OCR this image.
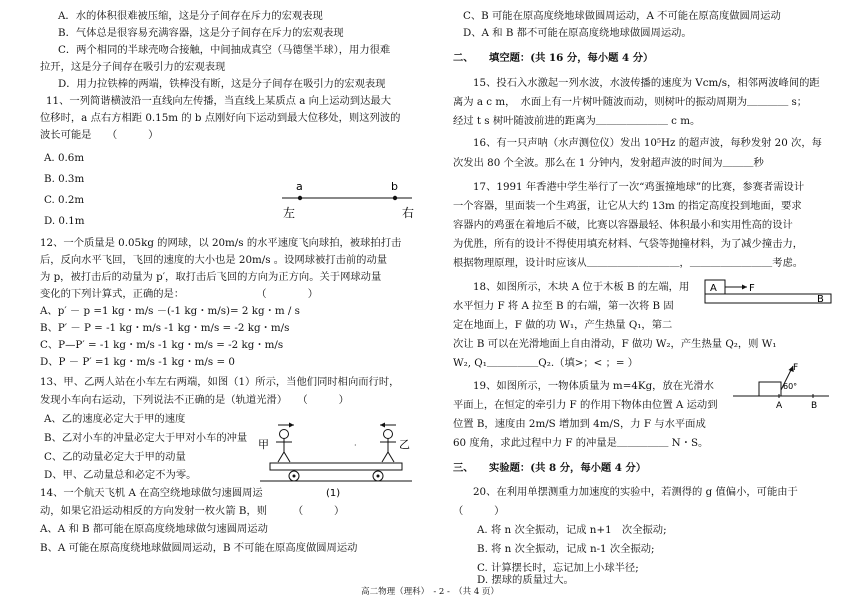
A．水的体积很难被压缩，这是分子间存在斥力的宏观表现
B．气体总是很容易充满容器，这是分子间存在斥力的宏观表现
C．两个相同的半球壳吻合接触，中间抽成真空（马德堡半球），用力很难
拉开，这是分子间存在吸引力的宏观表现
D．用力拉铁棒的两端，铁棒没有断，这是分子间存在吸引力的宏观表现
11、一列简谐横波沿一直线向左传播，当直线上某质点 a 向上运动到达最大
位移时，a 点右方相距 0.15m 的 b 点刚好向下运动到最大位移处，则这列波的
波长可能是　　（　　　）
A. 0.6m
B. 0.3m
C. 0.2m
D. 0.1m
a	b
左	右
12、一个质量是 0.05kg 的网球，以 20m/s 的水平速度飞向球拍，被球拍打击
后，反向水平飞回，飞回的速度的大小也是 20m/s 。设网球被打击前的动量
为 p，被打击后的动量为 p′，取打击后飞回的方向为正方向。关于网球动量
变化的下列计算式，正确的是：　　　　　　　　（　　　　）
A、p′ － p =1 kg・m/s －(-1 kg・m/s)= 2 kg・m / s
B、P′ － P = -1 kg・m/s -1 kg・m/s = -2 kg・m/s
C、P—P′ = -1 kg・m/s -1 kg・m/s = -2 kg・m/s
D、P － P′ =1 kg・m/s -1 kg・m/s = 0
13、甲、乙两人站在小车左右两端，如图（1）所示，当他们同时相向而行时，
发现小车向右运动，下列说法不正确的是（轨道光滑）　　（　　　）
A、乙的速度必定大于甲的速度
B、乙对小车的冲量必定大于甲对小车的冲量
C、乙的动量必定大于甲的动量
D、甲、乙动量总和必定不为零。
甲	乙
·
(1)
14、一个航天飞机 A 在高空绕地球做匀速圆周运
动，如果它沿运动相反的方向发射一枚火箭 B，则　　　（　　　）
A、A 和 B 都可能在原高度绕地球做匀速圆周运动
B、A 可能在原高度绕地球做圆周运动，B 不可能在原高度做圆周运动
C、B 可能在原高度绕地球做圆周运动，A 不可能在原高度做圆周运动
D、A 和 B 都不可能在原高度绕地球做圆周运动。
二、　　填空题：(共 16 分，每小题 4 分）
15、投石入水激起一列水波，水波传播的速度为 Vcm/s，相邻两波峰间的距
离为 a c m，　水面上有一片树叶随波而动，则树叶的振动周期为＿＿＿＿ s；
经过 t s 树叶随波前进的距离为＿＿＿＿＿＿＿ c m。
16、有一只声呐（水声测位仪）发出 10⁵Hz 的超声波，每秒发射 20 次，每
次发出 80 个全波。那么在 1 分钟内，发射超声波的时间为＿＿＿秒
17、1991 年香港中学生举行了一次“鸡蛋撞地球”的比赛，参赛者需设计
一个容器，里面装一个生鸡蛋，让它从大约 13m 的指定高度投到地面，要求
容器内的鸡蛋在着地后不破，比赛以容器最轻、体积最小和实用性高的设计
为优胜，所有的设计不得使用填充材料、气袋等抛撞材料，为了减少撞击力，
根据物理原理，设计时应该从＿＿＿＿＿＿＿＿＿，＿＿＿＿＿＿＿＿考虑。
18、如图所示，木块 A 位于木板 B 的左端，用
水平恒力 F 将 A 拉至 B 的右端，第一次将 B 固
定在地面上，F 做的功 W₁，产生热量 Q₁，第二
次让 B 可以在光滑地面上自由滑动，F 做功 W₂，产生热量 Q₂，则 W₁
W₂, Q₁＿＿＿＿＿Q₂.（填>；< ；= ）
A	F
B
19、如图所示，一物体质量为 m=4Kg，放在光滑水
平面上，在恒定的牵引力 F 的作用下物体由位置 A 运动到
位置 B，速度由 2m/S 增加到 4m/S，力 F 与水平面成
60 度角，求此过程中力 F 的冲量是＿＿＿＿＿ N・S。
F
60°
A	B
三、　　实验题：(共 8 分，每小题 4 分）
20、在利用单摆测重力加速度的实验中，若测得的 g 值偏小，可能由于
（　　　）
A. 将 n 次全振动，记成 n+1　次全振动;
B. 将 n 次全振动，记成 n-1 次全振动;
C. 计算摆长时，忘记加上小球半径;
D. 摆球的质量过大。
高二物理（理科）　- 2 -　（共 4 页）
